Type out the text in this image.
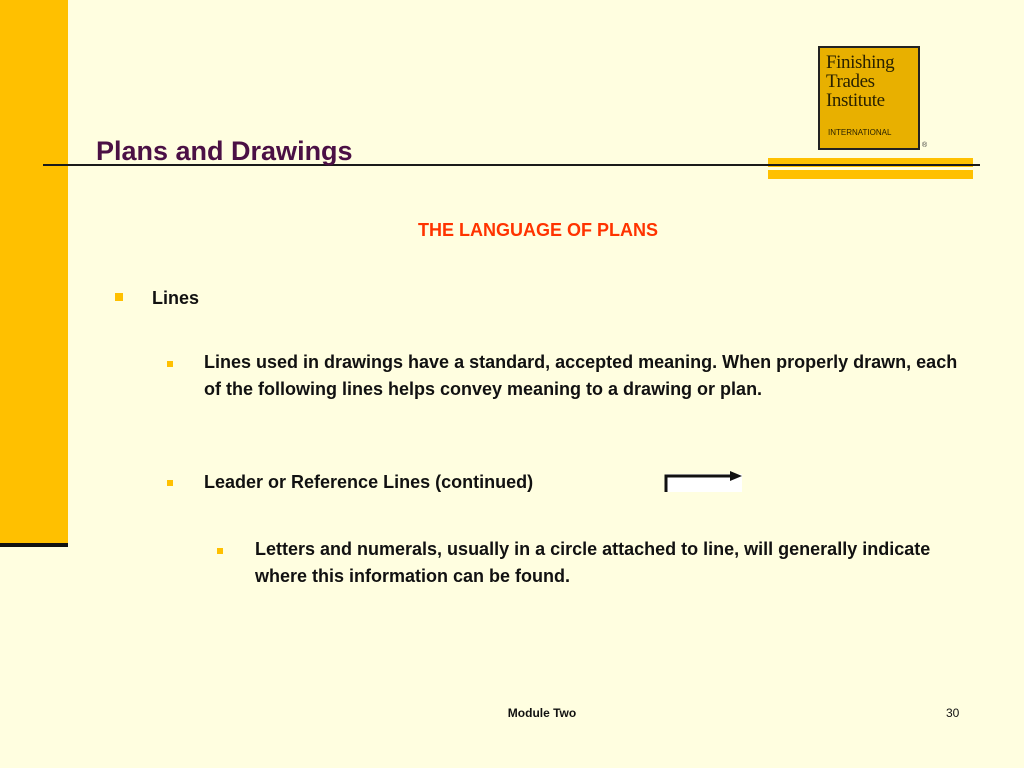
Finishing
Trades
Institute
INTERNATIONAL
®
Plans and Drawings
THE LANGUAGE OF PLANS
Lines
Lines used in drawings have a standard, accepted meaning. When properly drawn, each of the following lines helps convey meaning to a drawing or plan.
Leader or Reference Lines (continued)
Letters and numerals, usually in a circle attached to line, will generally indicate where this information can be found.
Module Two	30
